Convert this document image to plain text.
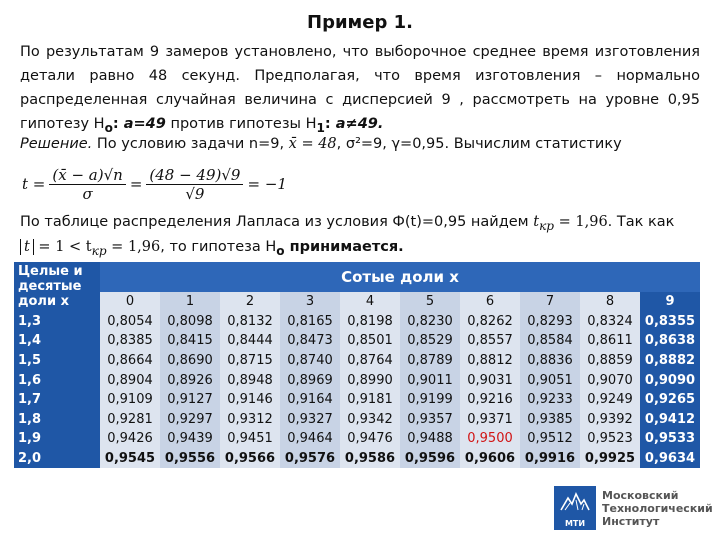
Пример 1.
По результатам 9 замеров установлено, что выборочное среднее время изготовления детали равно 48 секунд. Предполагая, что время изготовления – нормально распределенная случайная величина с дисперсией 9 , рассмотреть на уровне 0,95 гипотезу $H_o$: a=49 против гипотезы $H_1$: a≠49.
Решение. По условию задачи n=9, x̄ = 48, σ²=9, γ=0,95. Вычислим статистику
$t = \frac{(x̄ - a)√n}{\sigma} = \frac{(48 - 49)√9}{√9} = -1$
По таблице распределения Лапласа из условия Ф(t)=0,95 найдем $t_{кр} = 1,96$. Так как
$t = 1 < t_{кр} = 1,96$, то гипотеза $H_o$ принимается.
Целые и десятые доли х	Сотые доли х									
	0	1	2	3	4	5	6	7	8	9
1,3	0,8054	0,8098	0,8132	0,8165	0,8198	0,8230	0,8262	0,8293	0,8324	0,8355
1,4	0,8385	0,8415	0,8444	0,8473	0,8501	0,8529	0,8557	0,8584	0,8611	0,8638
1,5	0,8664	0,8690	0,8715	0,8740	0,8764	0,8789	0,8812	0,8836	0,8859	0,8882
1,6	0,8904	0,8926	0,8948	0,8969	0,8990	0,9011	0,9031	0,9051	0,9070	0,9090
1,7	0,9109	0,9127	0,9146	0,9164	0,9181	0,9199	0,9216	0,9233	0,9249	0,9265
1,8	0,9281	0,9297	0,9312	0,9327	0,9342	0,9357	0,9371	0,9385	0,9392	0,9412
1,9	0,9426	0,9439	0,9451	0,9464	0,9476	0,9488	0,9500	0,9512	0,9523	0,9533
2,0	0,9545	0,9556	0,9566	0,9576	0,9586	0,9596	0,9606	0,9916	0,9925	0,9634
МТИ
Московский
Технологический
Институт
